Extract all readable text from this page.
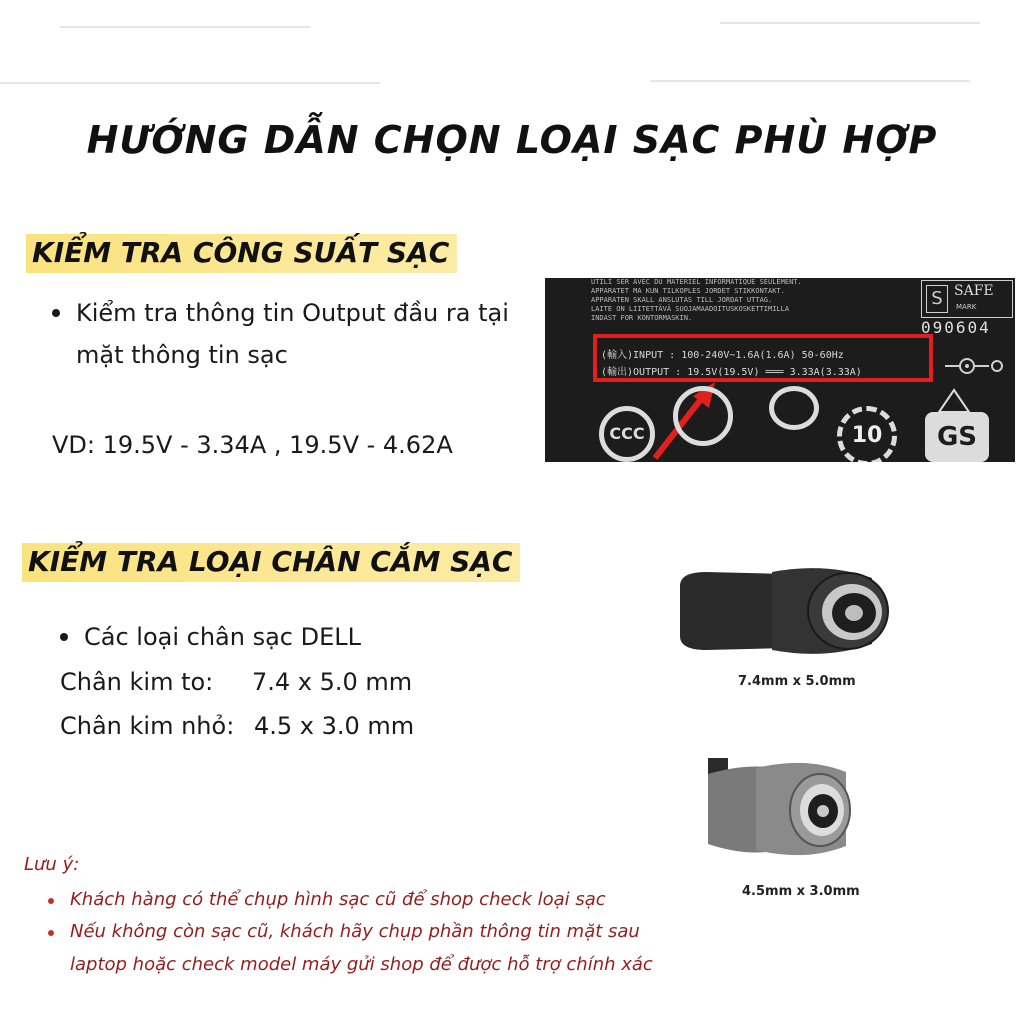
HƯỚNG DẪN CHỌN LOẠI SẠC PHÙ HỢP
KIỂM TRA CÔNG SUẤT SẠC
Kiểm tra thông tin Output đầu ra tại
mặt thông tin sạc
VD: 19.5V - 3.34A , 19.5V - 4.62A
UTILI SER AVEC DU MATERIEL INFORMATIQUE SEULEMENT.
APPARATET MA KUN TILKOPLES JORDET STIKKONTAKT.
APPARATEN SKALL ANSLUTAS TILL JORDAT UTTAG.
LAITE ON LIITETTÄVÄ SUOJAMAADOITUSKOSKETTIMILLA
INDAST FOR KONTORMASKIN.
S SAFE
MARK
090604
(輸入)INPUT : 100-240V~1.6A(1.6A) 50-60Hz
(輸出)OUTPUT : 19.5V(19.5V) ═══ 3.33A(3.33A)
CCC	10	GS
KIỂM TRA LOẠI CHÂN CẮM SẠC
Các loại chân sạc DELL
Chân kim to: 7.4 x 5.0 mm
Chân kim nhỏ: 4.5 x 3.0 mm
7.4mm x 5.0mm
4.5mm x 3.0mm
Lưu ý:
Khách hàng có thể chụp hình sạc cũ để shop check loại sạc
Nếu không còn sạc cũ, khách hãy chụp phần thông tin mặt sau
laptop hoặc check model máy gửi shop để được hỗ trợ chính xác
